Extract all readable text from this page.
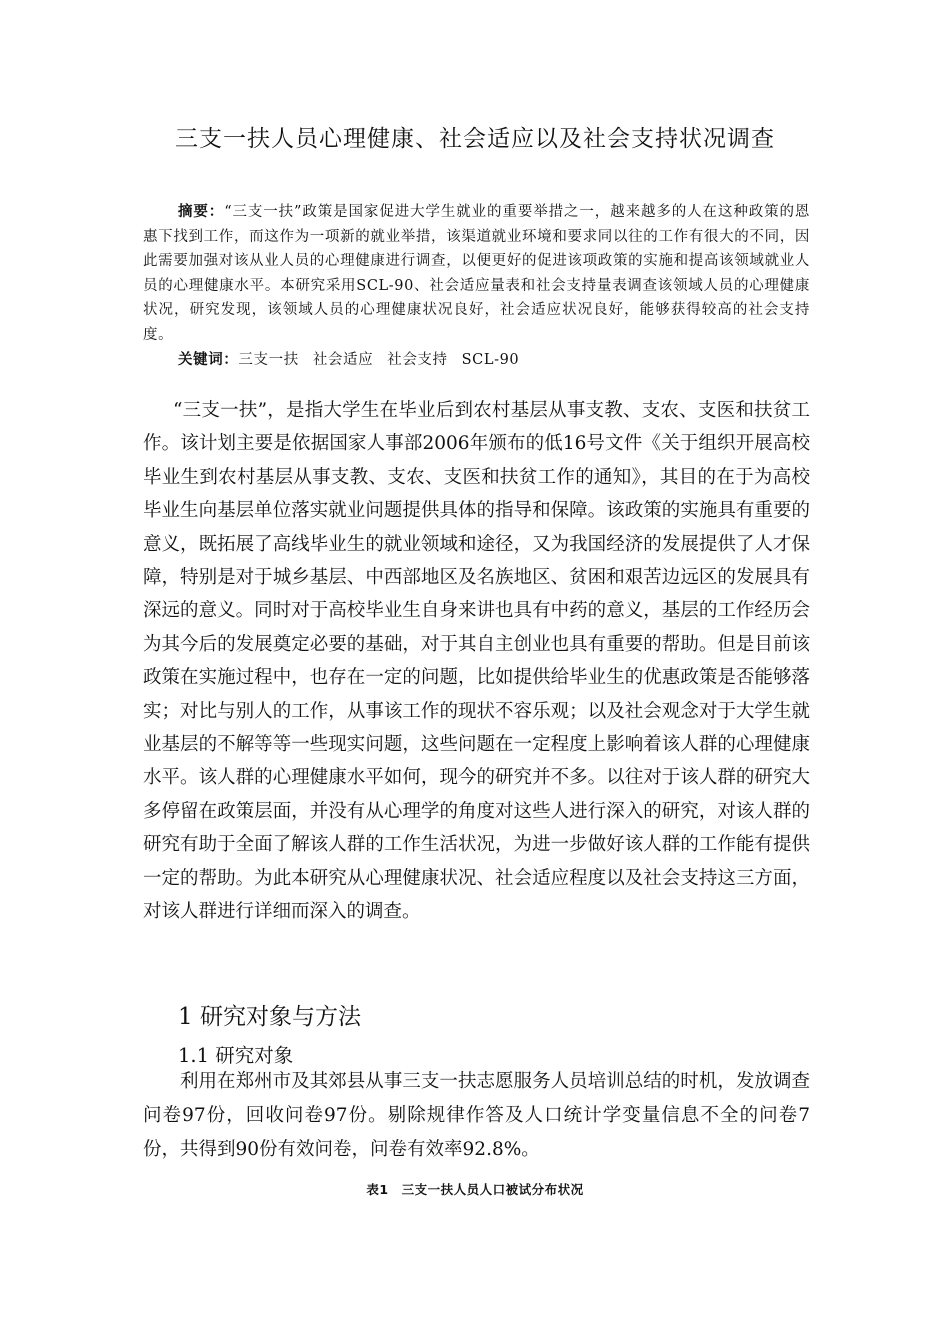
三支一扶人员心理健康、社会适应以及社会支持状况调查
摘要：“三支一扶”政策是国家促进大学生就业的重要举措之一，越来越多的人在这种政策的恩惠下找到工作，而这作为一项新的就业举措，该渠道就业环境和要求同以往的工作有很大的不同，因此需要加强对该从业人员的心理健康进行调查，以便更好的促进该项政策的实施和提高该领域就业人员的心理健康水平。本研究采用SCL-90、社会适应量表和社会支持量表调查该领域人员的心理健康状况，研究发现，该领域人员的心理健康状况良好，社会适应状况良好，能够获得较高的社会支持度。
关键词：三支一扶 社会适应 社会支持 SCL-90
“三支一扶”，是指大学生在毕业后到农村基层从事支教、支农、支医和扶贫工作。该计划主要是依据国家人事部2006年颁布的低16号文件《关于组织开展高校毕业生到农村基层从事支教、支农、支医和扶贫工作的通知》，其目的在于为高校毕业生向基层单位落实就业问题提供具体的指导和保障。该政策的实施具有重要的意义，既拓展了高线毕业生的就业领域和途径，又为我国经济的发展提供了人才保障，特别是对于城乡基层、中西部地区及名族地区、贫困和艰苦边远区的发展具有深远的意义。同时对于高校毕业生自身来讲也具有中药的意义，基层的工作经历会为其今后的发展奠定必要的基础，对于其自主创业也具有重要的帮助。但是目前该政策在实施过程中，也存在一定的问题，比如提供给毕业生的优惠政策是否能够落实；对比与别人的工作，从事该工作的现状不容乐观；以及社会观念对于大学生就业基层的不解等等一些现实问题，这些问题在一定程度上影响着该人群的心理健康水平。该人群的心理健康水平如何，现今的研究并不多。以往对于该人群的研究大多停留在政策层面，并没有从心理学的角度对这些人进行深入的研究，对该人群的研究有助于全面了解该人群的工作生活状况，为进一步做好该人群的工作能有提供一定的帮助。为此本研究从心理健康状况、社会适应程度以及社会支持这三方面，对该人群进行详细而深入的调查。
1 研究对象与方法
1.1 研究对象
利用在郑州市及其郊县从事三支一扶志愿服务人员培训总结的时机，发放调查问卷97份，回收问卷97份。剔除规律作答及人口统计学变量信息不全的问卷7份，共得到90份有效问卷，问卷有效率92.8%。
表1　三支一扶人员人口被试分布状况
